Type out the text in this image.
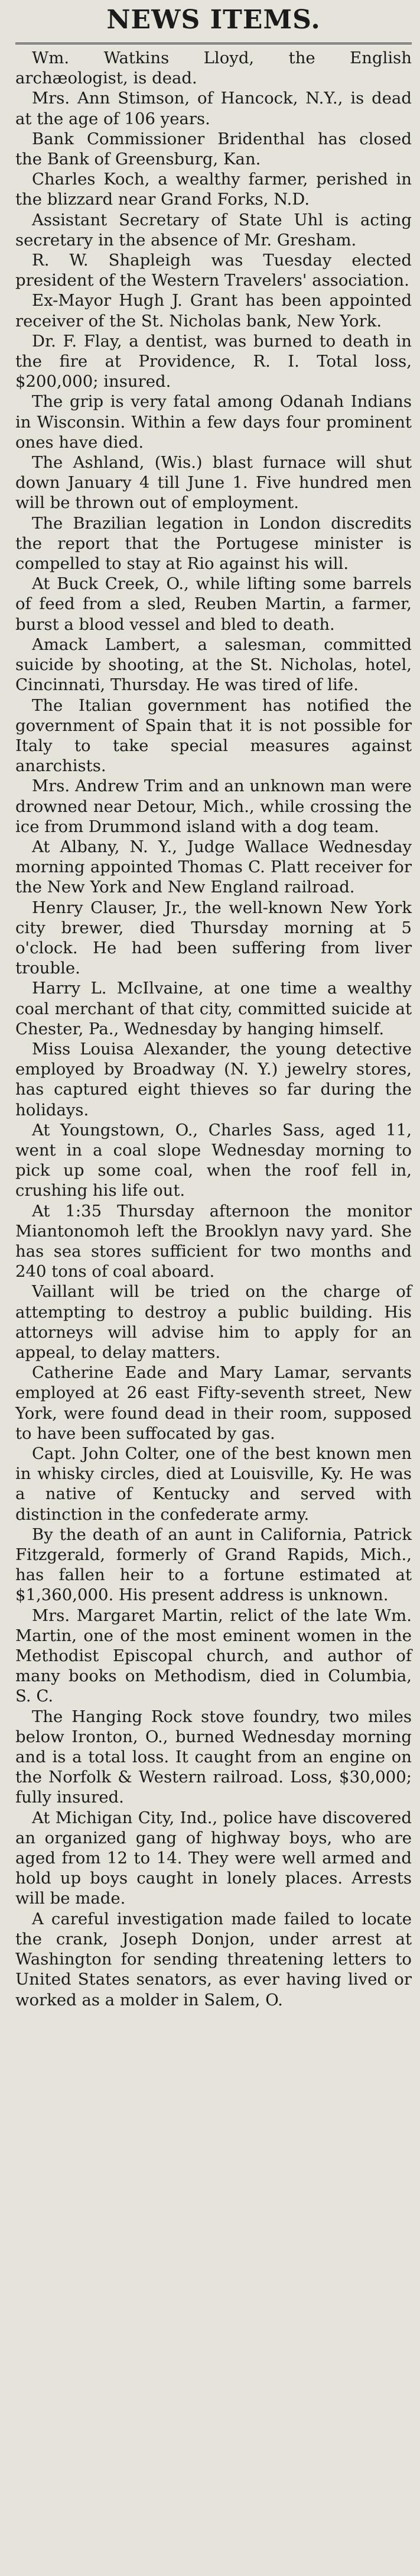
NEWS ITEMS.

Wm. Watkins Lloyd, the English archæologist, is dead.

Mrs. Ann Stimson, of Hancock, N.Y., is dead at the age of 106 years.

Bank Commissioner Bridenthal has closed the Bank of Greensburg, Kan.

Charles Koch, a wealthy farmer, perished in the blizzard near Grand Forks, N.D.

Assistant Secretary of State Uhl is acting secretary in the absence of Mr. Gresham.

R. W. Shapleigh was Tuesday elected president of the Western Travelers' association.

Ex-Mayor Hugh J. Grant has been appointed receiver of the St. Nicholas bank, New York.

Dr. F. Flay, a dentist, was burned to death in the fire at Providence, R. I. Total loss, $200,000; insured.

The grip is very fatal among Odanah Indians in Wisconsin. Within a few days four prominent ones have died.

The Ashland, (Wis.) blast furnace will shut down January 4 till June 1. Five hundred men will be thrown out of employment.

The Brazilian legation in London discredits the report that the Portugese minister is compelled to stay at Rio against his will.

At Buck Creek, O., while lifting some barrels of feed from a sled, Reuben Martin, a farmer, burst a blood vessel and bled to death.

Amack Lambert, a salesman, committed suicide by shooting, at the St. Nicholas, hotel, Cincinnati, Thursday. He was tired of life.

The Italian government has notified the government of Spain that it is not possible for Italy to take special measures against anarchists.

Mrs. Andrew Trim and an unknown man were drowned near Detour, Mich., while crossing the ice from Drummond island with a dog team.

At Albany, N. Y., Judge Wallace Wednesday morning appointed Thomas C. Platt receiver for the New York and New England railroad.

Henry Clauser, Jr., the well-known New York city brewer, died Thursday morning at 5 o'clock. He had been suffering from liver trouble.

Harry L. McIlvaine, at one time a wealthy coal merchant of that city, committed suicide at Chester, Pa., Wednesday by hanging himself.

Miss Louisa Alexander, the young detective employed by Broadway (N. Y.) jewelry stores, has captured eight thieves so far during the holidays.

At Youngstown, O., Charles Sass, aged 11, went in a coal slope Wednesday morning to pick up some coal, when the roof fell in, crushing his life out.

At 1:35 Thursday afternoon the monitor Miantonomoh left the Brooklyn navy yard. She has sea stores sufficient for two months and 240 tons of coal aboard.

Vaillant will be tried on the charge of attempting to destroy a public building. His attorneys will advise him to apply for an appeal, to delay matters.

Catherine Eade and Mary Lamar, servants employed at 26 east Fifty-seventh street, New York, were found dead in their room, supposed to have been suffocated by gas.

Capt. John Colter, one of the best known men in whisky circles, died at Louisville, Ky. He was a native of Kentucky and served with distinction in the confederate army.

By the death of an aunt in California, Patrick Fitzgerald, formerly of Grand Rapids, Mich., has fallen heir to a fortune estimated at $1,360,000. His present address is unknown.

Mrs. Margaret Martin, relict of the late Wm. Martin, one of the most eminent women in the Methodist Episcopal church, and author of many books on Methodism, died in Columbia, S. C.

The Hanging Rock stove foundry, two miles below Ironton, O., burned Wednesday morning and is a total loss. It caught from an engine on the Norfolk & Western railroad. Loss, $30,000; fully insured.

At Michigan City, Ind., police have discovered an organized gang of highway boys, who are aged from 12 to 14. They were well armed and hold up boys caught in lonely places. Arrests will be made.

A careful investigation made failed to locate the crank, Joseph Donjon, under arrest at Washington for sending threatening letters to United States senators, as ever having lived or worked as a molder in Salem, O.
